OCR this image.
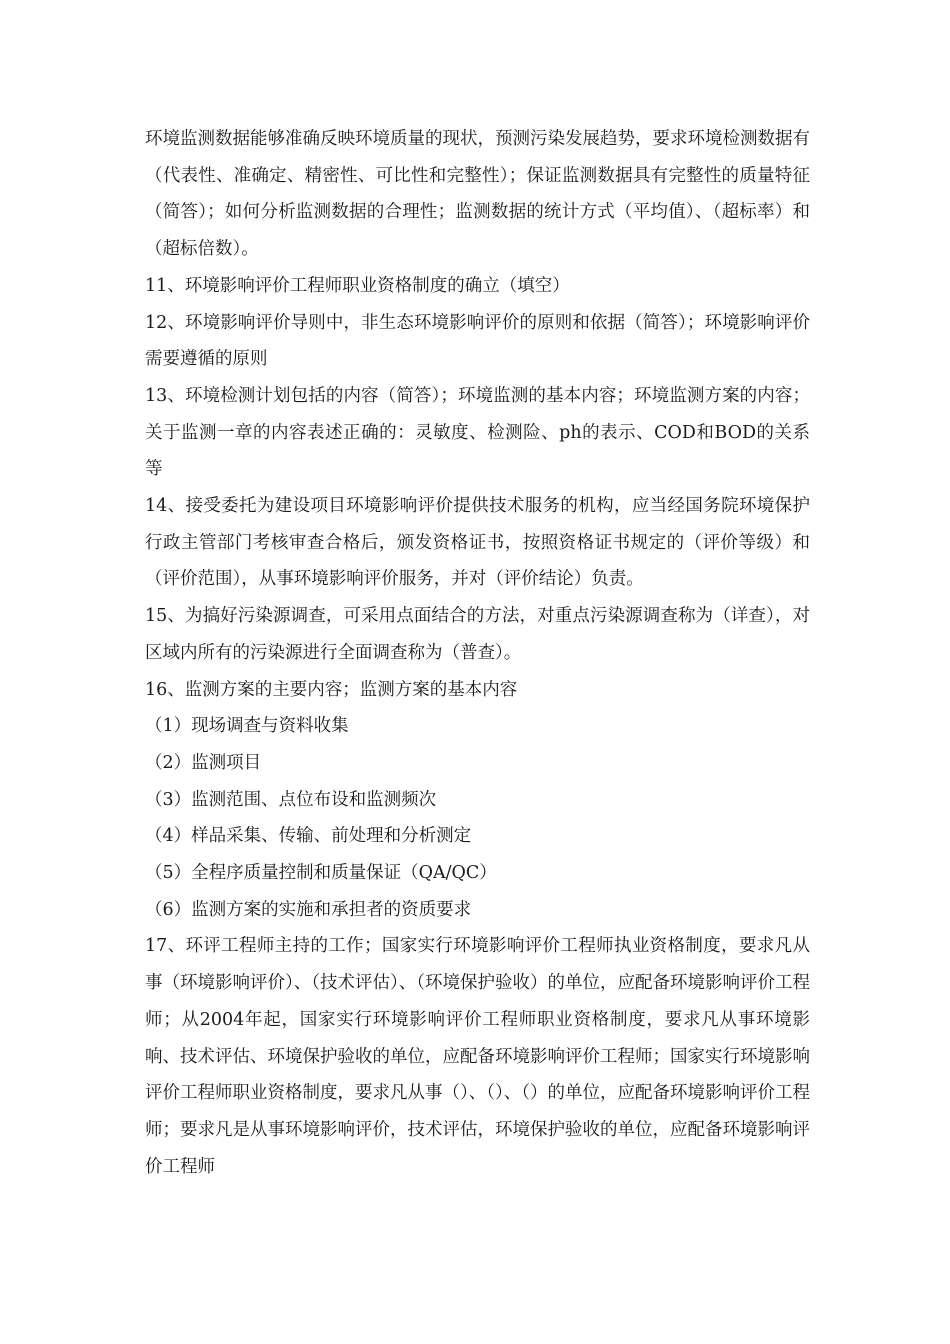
环境监测数据能够准确反映环境质量的现状，预测污染发展趋势，要求环境检测数据有（代表性、准确定、精密性、可比性和完整性）；保证监测数据具有完整性的质量特征（简答）；如何分析监测数据的合理性；监测数据的统计方式（平均值）、（超标率）和（超标倍数）。

11、环境影响评价工程师职业资格制度的确立（填空）

12、环境影响评价导则中，非生态环境影响评价的原则和依据（简答）；环境影响评价需要遵循的原则

13、环境检测计划包括的内容（简答）；环境监测的基本内容；环境监测方案的内容；关于监测一章的内容表述正确的：灵敏度、检测险、ph的表示、COD和BOD的关系等

14、接受委托为建设项目环境影响评价提供技术服务的机构，应当经国务院环境保护行政主管部门考核审查合格后，颁发资格证书，按照资格证书规定的（评价等级）和（评价范围），从事环境影响评价服务，并对（评价结论）负责。

15、为搞好污染源调查，可采用点面结合的方法，对重点污染源调查称为（详查），对区域内所有的污染源进行全面调查称为（普查）。

16、监测方案的主要内容；监测方案的基本内容

（1）现场调查与资料收集

（2）监测项目

（3）监测范围、点位布设和监测频次

（4）样品采集、传输、前处理和分析测定

（5）全程序质量控制和质量保证（QA/QC）

（6）监测方案的实施和承担者的资质要求

17、环评工程师主持的工作；国家实行环境影响评价工程师执业资格制度，要求凡从事（环境影响评价）、（技术评估）、（环境保护验收）的单位，应配备环境影响评价工程师；从2004年起，国家实行环境影响评价工程师职业资格制度，要求凡从事环境影响、技术评估、环境保护验收的单位，应配备环境影响评价工程师；国家实行环境影响评价工程师职业资格制度，要求凡从事（）、（）、（）的单位，应配备环境影响评价工程师；要求凡是从事环境影响评价，技术评估，环境保护验收的单位，应配备环境影响评价工程师
